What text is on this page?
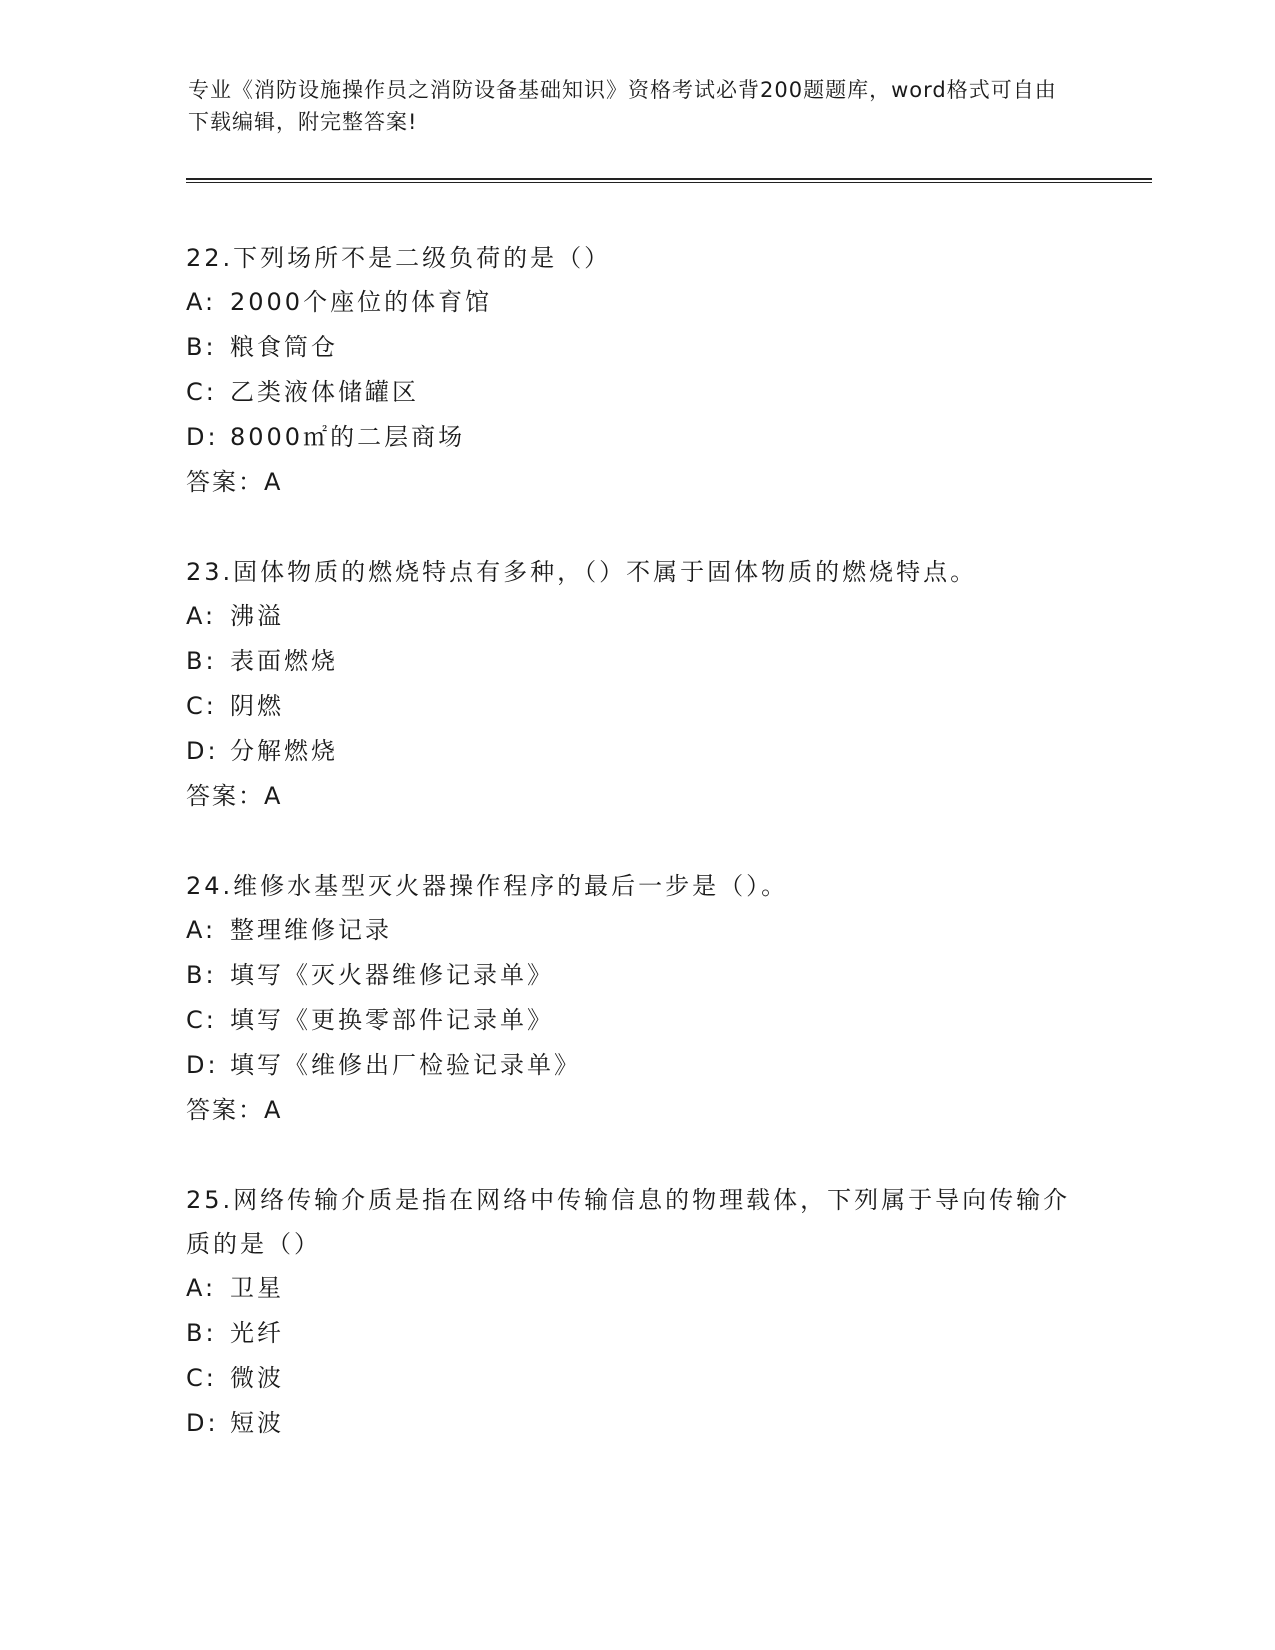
专业《消防设施操作员之消防设备基础知识》资格考试必背200题题库，word格式可自由下载编辑，附完整答案!
22.下列场所不是二级负荷的是（）
A: 2000个座位的体育馆
B: 粮食筒仓
C: 乙类液体储罐区
D: 8000㎡的二层商场
答案：A
23.固体物质的燃烧特点有多种，（）不属于固体物质的燃烧特点。
A: 沸溢
B: 表面燃烧
C: 阴燃
D: 分解燃烧
答案：A
24.维修水基型灭火器操作程序的最后一步是（）。
A: 整理维修记录
B: 填写《灭火器维修记录单》
C: 填写《更换零部件记录单》
D: 填写《维修出厂检验记录单》
答案：A
25.网络传输介质是指在网络中传输信息的物理载体，下列属于导向传输介质的是（）
A: 卫星
B: 光纤
C: 微波
D: 短波
